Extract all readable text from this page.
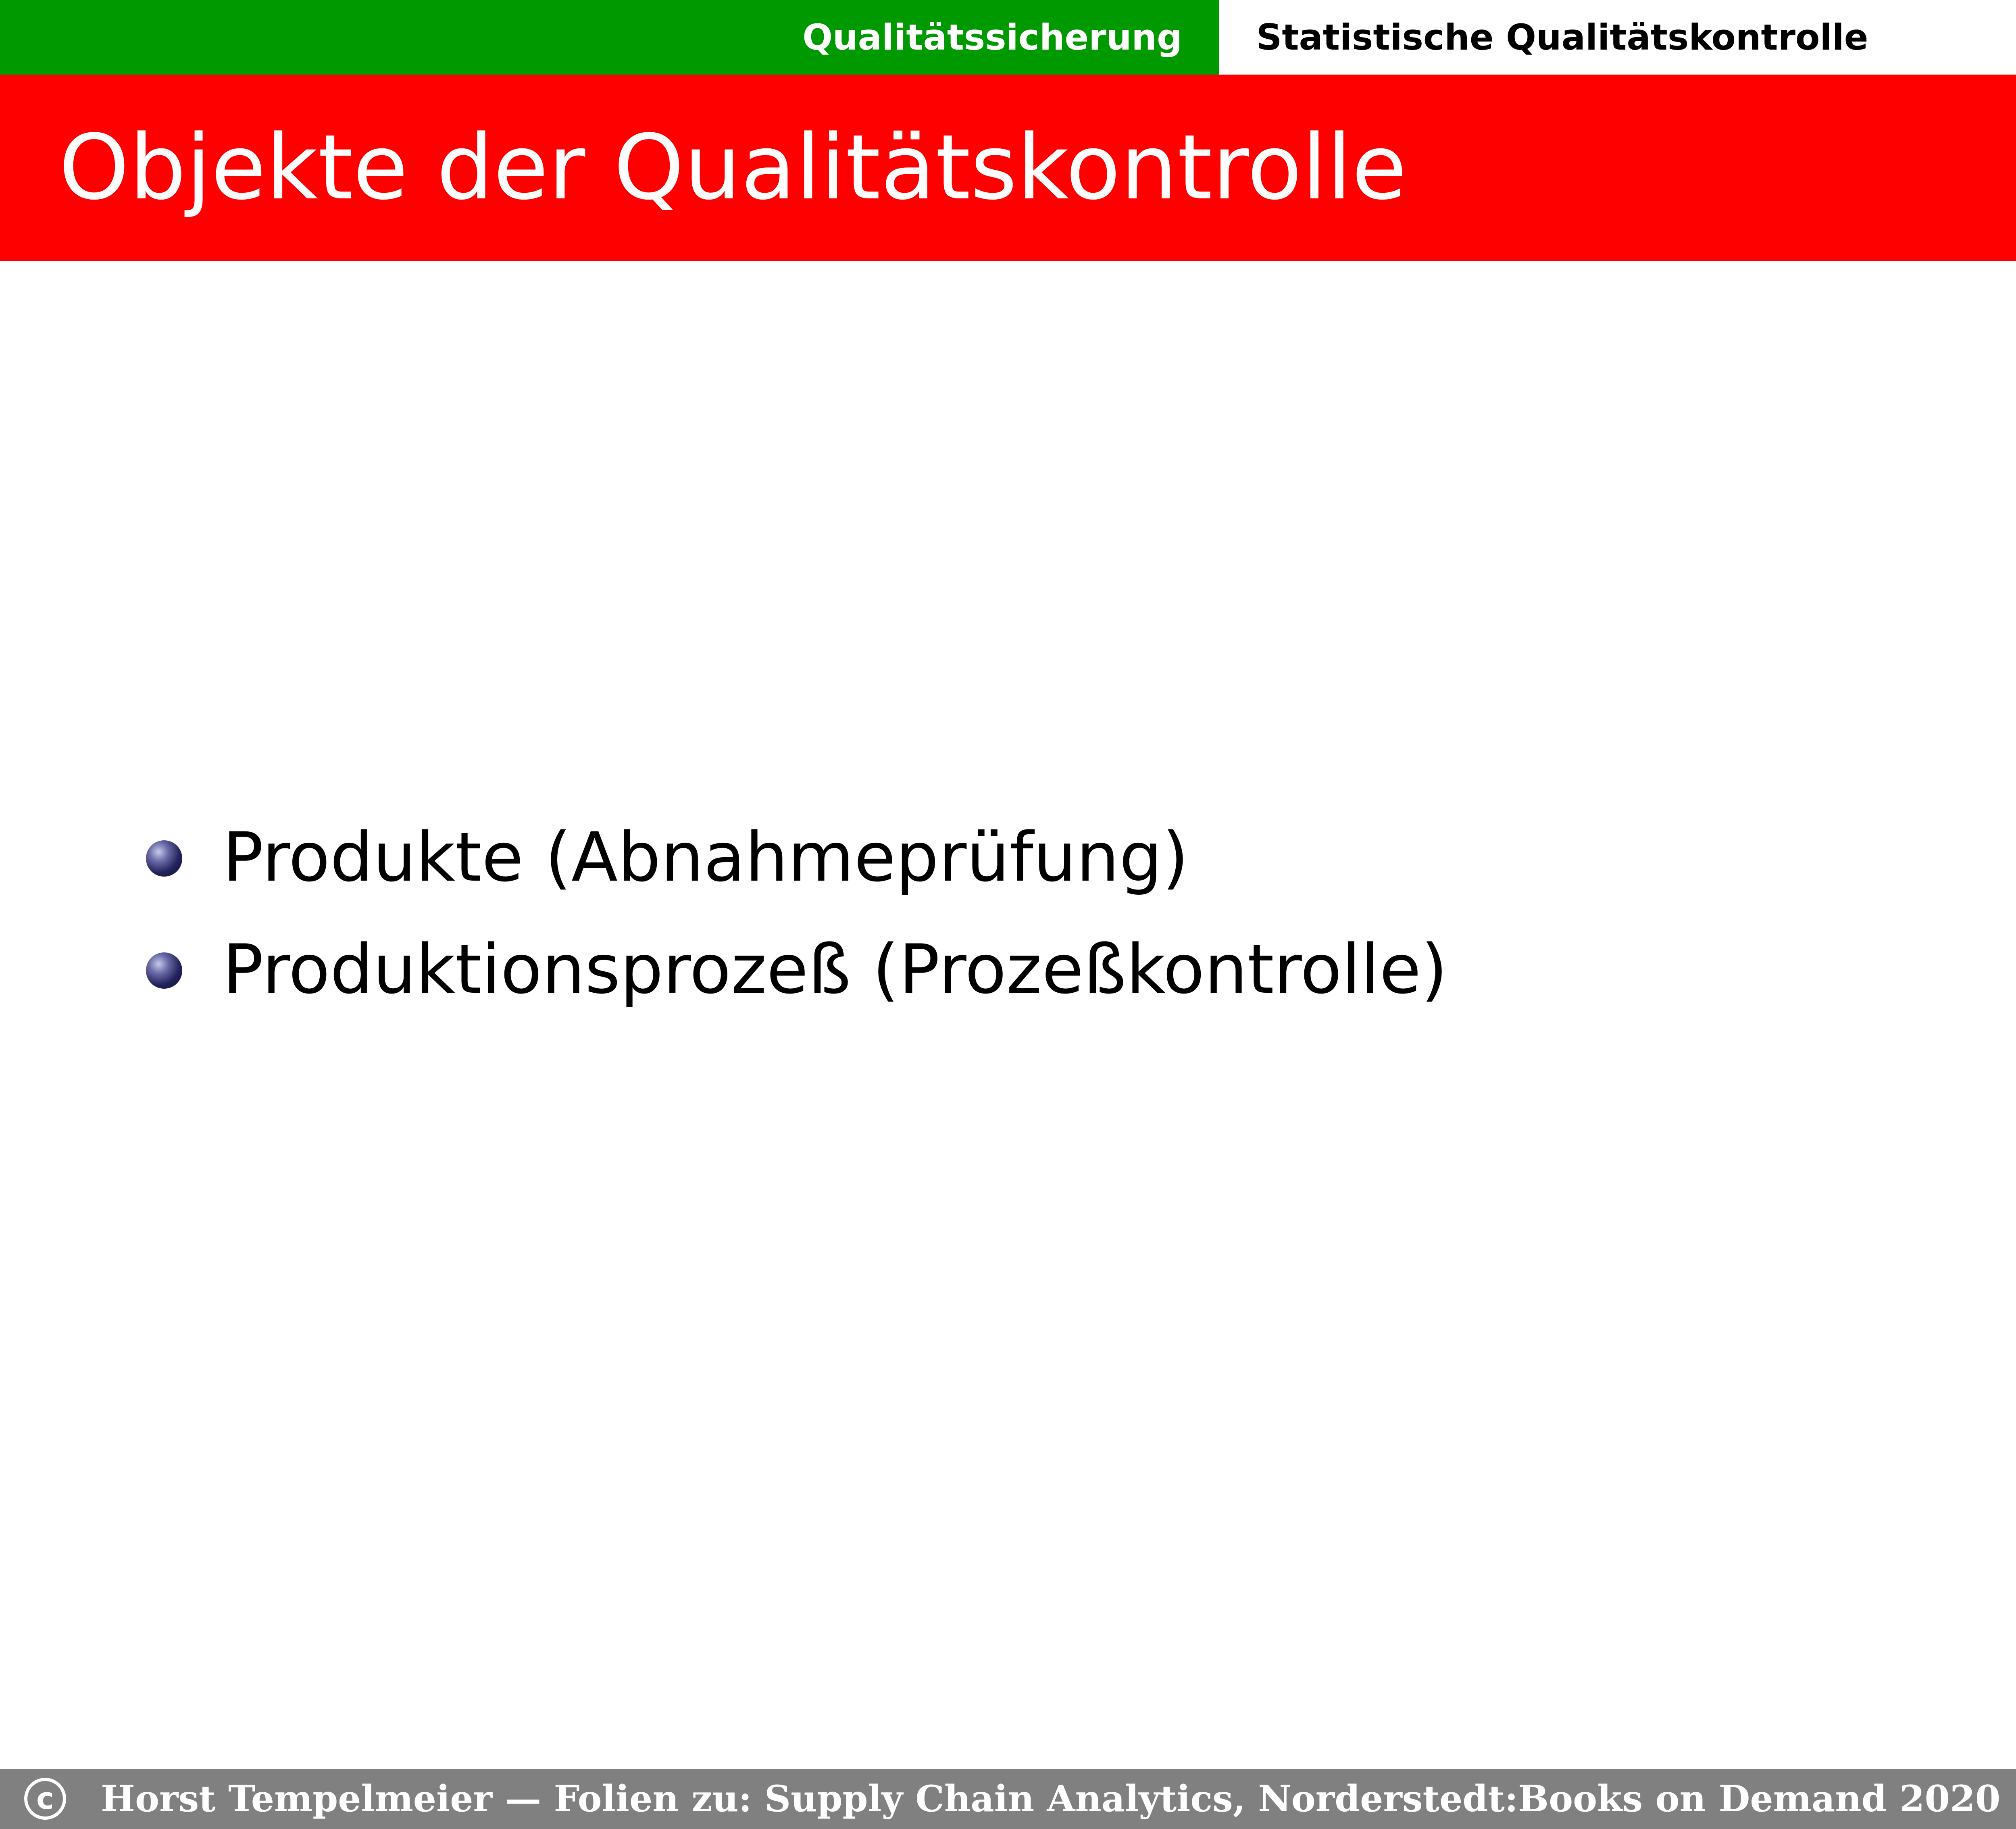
Qualitätssicherung Statistische Qualitätskontrolle
Objekte der Qualitätskontrolle
Produkte (Abnahmeprüfung)
Produktionsprozeß (Prozeßkontrolle)
c	Horst Tempelmeier — Folien zu: Supply Chain Analytics, Norderstedt:Books on Demand 2020
